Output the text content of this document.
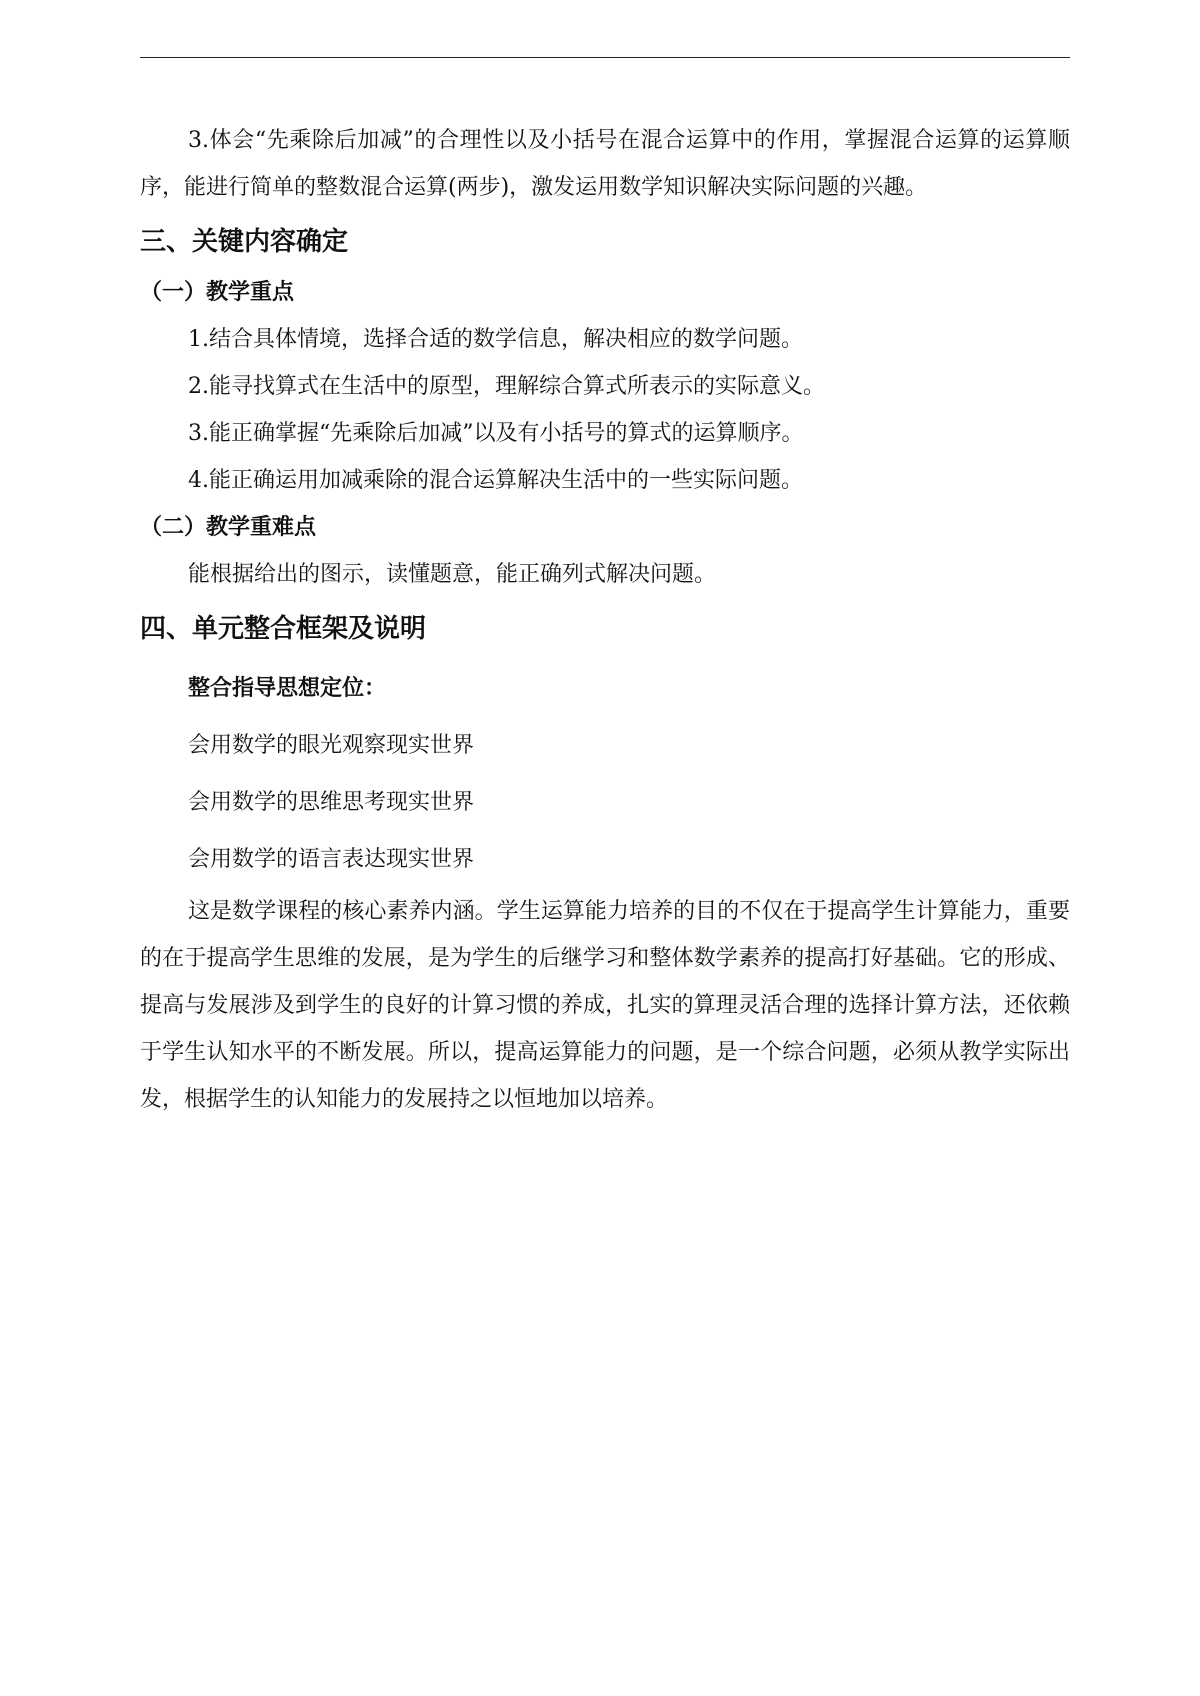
3.体会“先乘除后加减”的合理性以及小括号在混合运算中的作用，掌握混合运算的运算顺序，能进行简单的整数混合运算(两步)，激发运用数学知识解决实际问题的兴趣。

三、关键内容确定
（一）教学重点

1.结合具体情境，选择合适的数学信息，解决相应的数学问题。

2.能寻找算式在生活中的原型，理解综合算式所表示的实际意义。

3.能正确掌握“先乘除后加减”以及有小括号的算式的运算顺序。

4.能正确运用加减乘除的混合运算解决生活中的一些实际问题。

（二）教学重难点

能根据给出的图示，读懂题意，能正确列式解决问题。

四、单元整合框架及说明
整合指导思想定位：

会用数学的眼光观察现实世界

会用数学的思维思考现实世界

会用数学的语言表达现实世界

这是数学课程的核心素养内涵。学生运算能力培养的目的不仅在于提高学生计算能力，重要的在于提高学生思维的发展，是为学生的后继学习和整体数学素养的提高打好基础。它的形成、提高与发展涉及到学生的良好的计算习惯的养成，扎实的算理灵活合理的选择计算方法，还依赖于学生认知水平的不断发展。所以，提高运算能力的问题，是一个综合问题，必须从教学实际出发，根据学生的认知能力的发展持之以恒地加以培养。
